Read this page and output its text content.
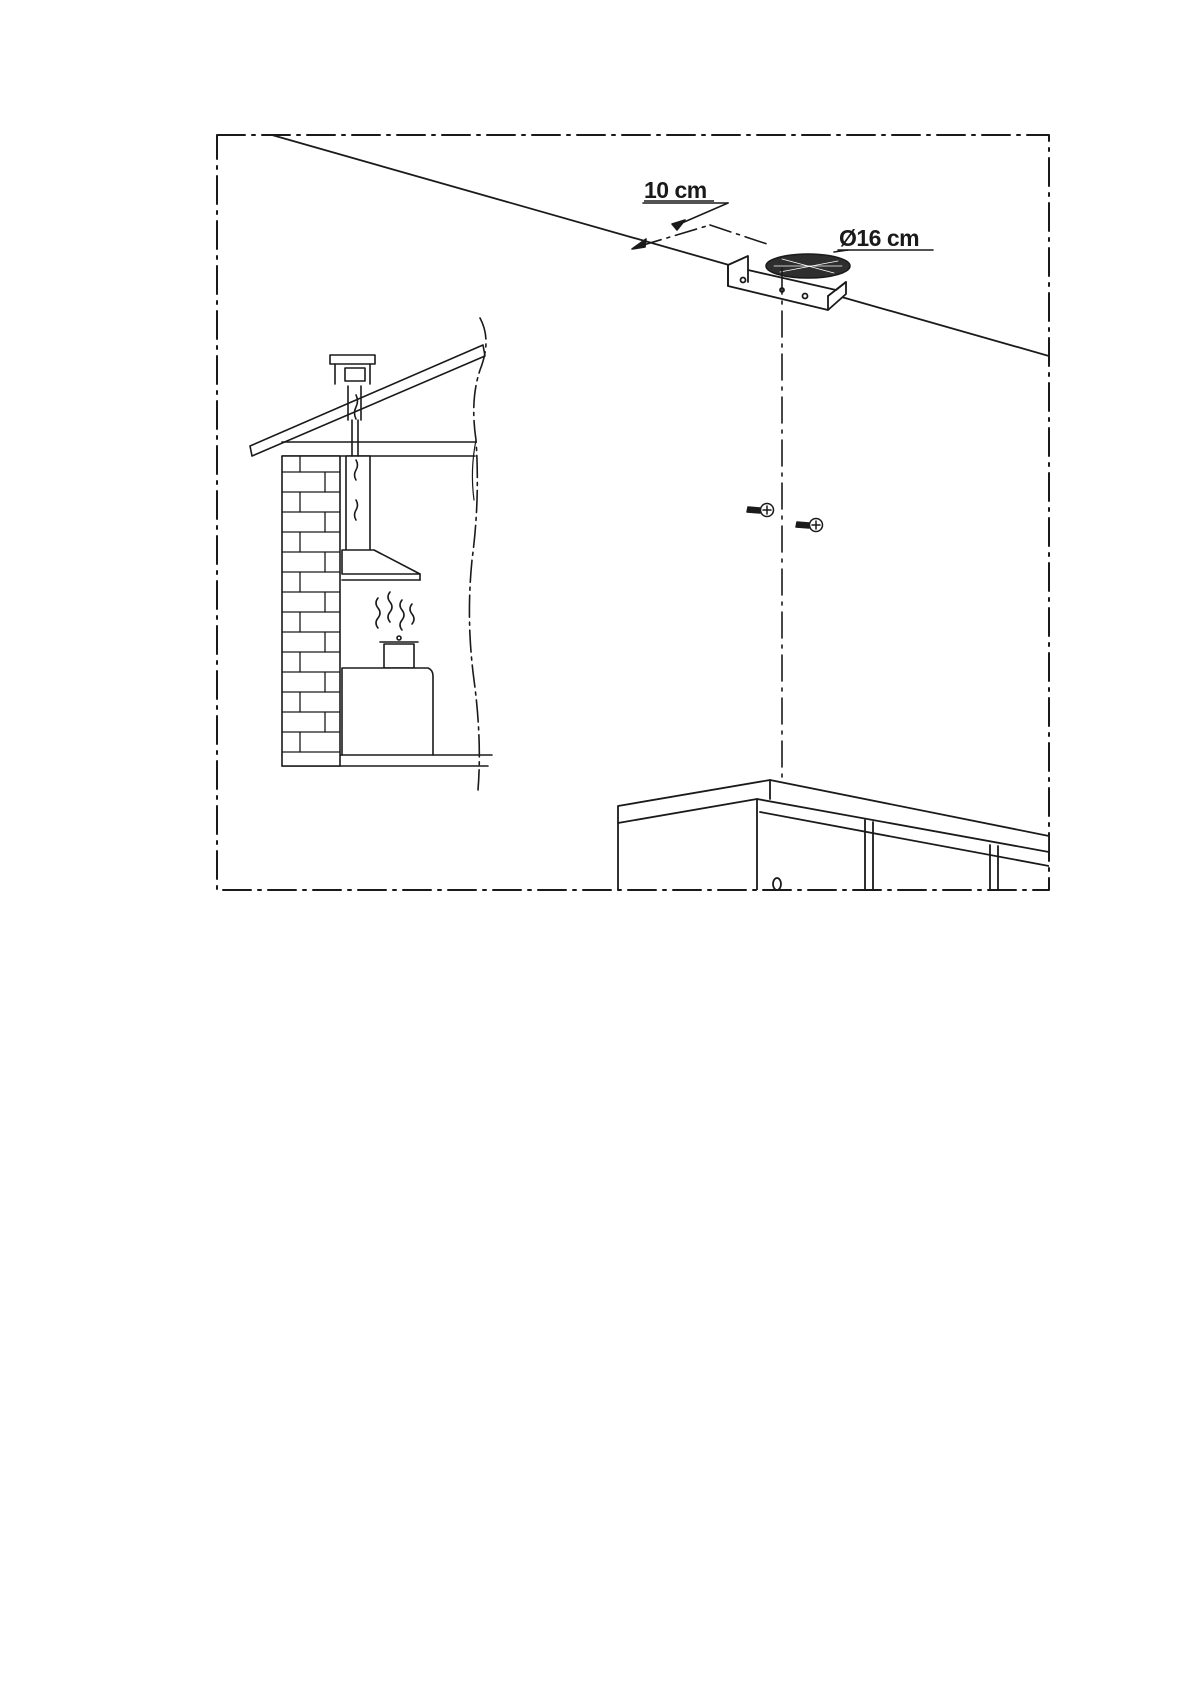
10 cm
Ø16 cm
